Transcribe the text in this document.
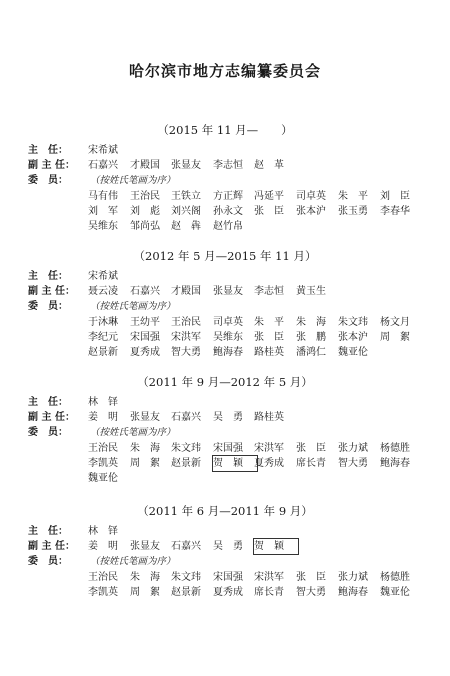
哈尔滨市地方志编纂委员会
（2015 年 11 月—　　）
主　任： 宋希斌
副 主 任： 石嘉兴	才殿国	张显友	李志恒	赵　革
委　员： （按姓氏笔画为序）
马有伟	王治民	王铁立	方正辉	冯延平	司卓英	朱　平	刘　臣
刘　军	刘　彪	刘兴阁	孙永文	张　臣	张本沪	张玉勇	李春华
吴维东	邹尚弘	赵　犇	赵竹帛
（2012 年 5 月—2015 年 11 月）
主　任： 宋希斌
副 主 任： 聂云凌	石嘉兴	才殿国	张显友	李志恒	黄玉生
委　员： （按姓氏笔画为序）
于沐琳	王幼平	王治民	司卓英	朱　平	朱　海	朱文玮	杨文月
李纪元	宋国强	宋洪军	吴维东	张　臣	张　鹏	张本沪	周　絮
赵景新	夏秀成	智大勇	鲍海春	路桂英	潘鸿仁	魏亚伦
（2011 年 9 月—2012 年 5 月）
主　任： 林　铎
副 主 任： 姜　明	张显友	石嘉兴	吴　勇	路桂英
委　员： （按姓氏笔画为序）
王治民	朱　海	朱文玮	宋国强	宋洪军	张　臣	张力斌	杨德胜
李凯英	周　絮	赵景新	贺　颖	夏秀成	席长青	智大勇	鲍海春
魏亚伦
（2011 年 6 月—2011 年 9 月）
主　任： 林　铎
副 主 任： 姜　明	张显友	石嘉兴	吴　勇	贺　颖
委　员： （按姓氏笔画为序）
王治民	朱　海	朱文玮	宋国强	宋洪军	张　臣	张力斌	杨德胜
李凯英	周　絮	赵景新	夏秀成	席长青	智大勇	鲍海春	魏亚伦
